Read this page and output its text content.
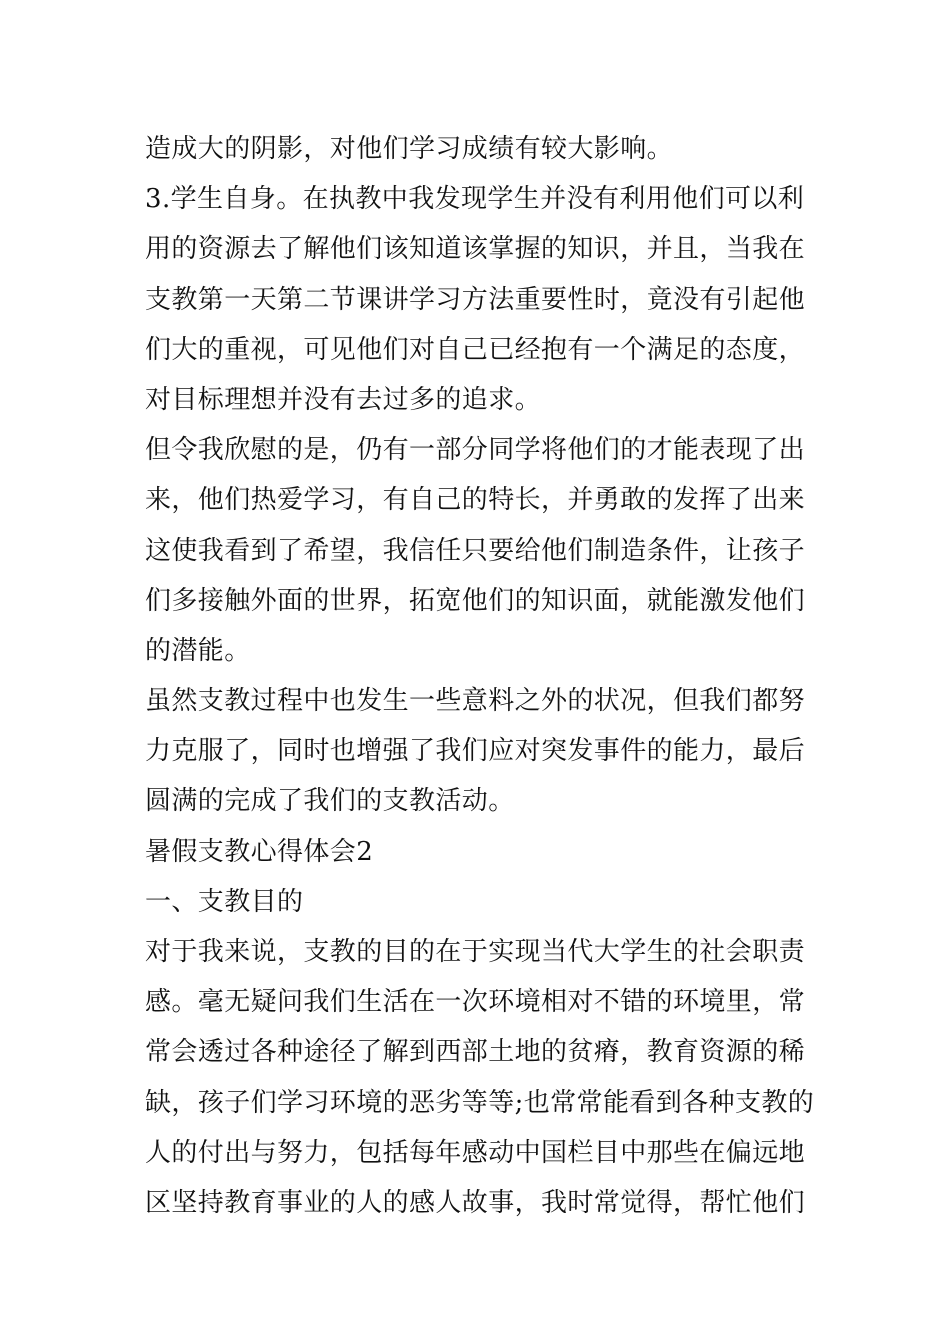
造成大的阴影，对他们学习成绩有较大影响。
3.学生自身。在执教中我发现学生并没有利用他们可以利
用的资源去了解他们该知道该掌握的知识，并且，当我在
支教第一天第二节课讲学习方法重要性时，竟没有引起他
们大的重视，可见他们对自己已经抱有一个满足的态度，
对目标理想并没有去过多的追求。
但令我欣慰的是，仍有一部分同学将他们的才能表现了出
来，他们热爱学习，有自己的特长，并勇敢的发挥了出来
这使我看到了希望，我信任只要给他们制造条件，让孩子
们多接触外面的世界，拓宽他们的知识面，就能激发他们
的潜能。
虽然支教过程中也发生一些意料之外的状况，但我们都努
力克服了，同时也增强了我们应对突发事件的能力，最后
圆满的完成了我们的支教活动。
暑假支教心得体会2
一、支教目的
对于我来说，支教的目的在于实现当代大学生的社会职责
感。毫无疑问我们生活在一次环境相对不错的环境里，常
常会透过各种途径了解到西部土地的贫瘠，教育资源的稀
缺，孩子们学习环境的恶劣等等;也常常能看到各种支教的
人的付出与努力，包括每年感动中国栏目中那些在偏远地
区坚持教育事业的人的感人故事，我时常觉得，帮忙他们
